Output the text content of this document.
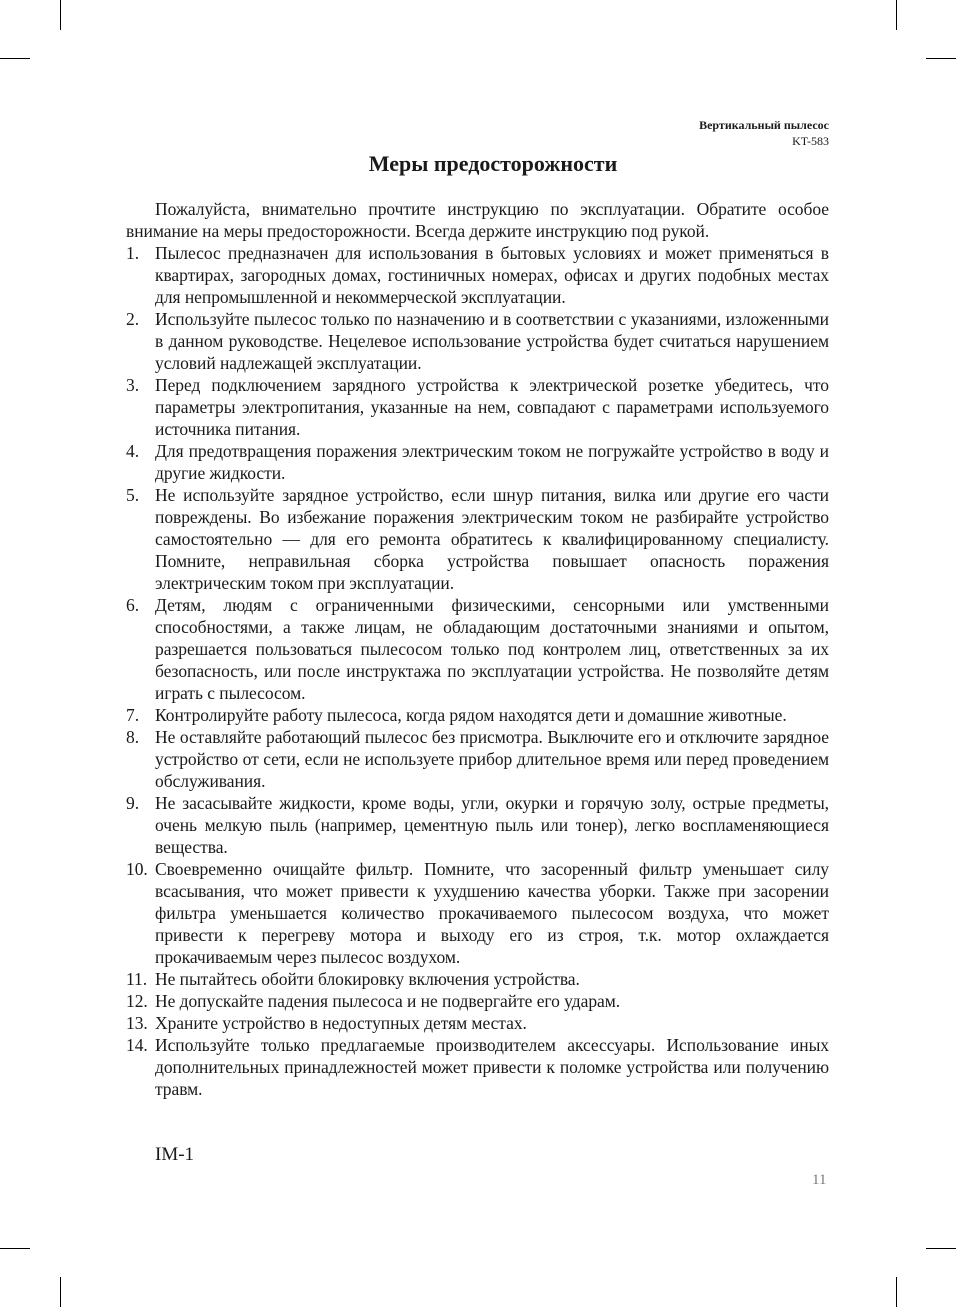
Вертикальный пылесос
KT-583
Меры предосторожности

Пожалуйста, внимательно прочтите инструкцию по эксплуатации. Обратите особое внимание на меры предосторожности. Всегда держите инструкцию под рукой.

1. Пылесос предназначен для использования в бытовых условиях и может применяться в квартирах, загородных домах, гостиничных номерах, офисах и других подобных местах для непромышленной и некоммерческой эксплуатации.
2. Используйте пылесос только по назначению и в соответствии с указаниями, изложенными в данном руководстве. Нецелевое использование устройства будет считаться нарушением условий надлежащей эксплуатации.
3. Перед подключением зарядного устройства к электрической розетке убедитесь, что параметры электропитания, указанные на нем, совпадают с параметрами используемого источника питания.
4. Для предотвращения поражения электрическим током не погружайте устройство в воду и другие жидкости.
5. Не используйте зарядное устройство, если шнур питания, вилка или другие его части повреждены. Во избежание поражения электрическим током не разбирайте устройство самостоятельно — для его ремонта обратитесь к квалифицированному специалисту. Помните, неправильная сборка устройства повышает опасность поражения электрическим током при эксплуатации.
6. Детям, людям с ограниченными физическими, сенсорными или умственными способностями, а также лицам, не обладающим достаточными знаниями и опытом, разрешается пользоваться пылесосом только под контролем лиц, ответственных за их безопасность, или после инструктажа по эксплуатации устройства. Не позволяйте детям играть с пылесосом.
7. Контролируйте работу пылесоса, когда рядом находятся дети и домашние животные.
8. Не оставляйте работающий пылесос без присмотра. Выключите его и отключите зарядное устройство от сети, если не используете прибор длительное время или перед проведением обслуживания.
9. Не засасывайте жидкости, кроме воды, угли, окурки и горячую золу, острые предметы, очень мелкую пыль (например, цементную пыль или тонер), легко воспламеняющиеся вещества.
10. Своевременно очищайте фильтр. Помните, что засоренный фильтр уменьшает силу всасывания, что может привести к ухудшению качества уборки. Также при засорении фильтра уменьшается количество прокачиваемого пылесосом воздуха, что может привести к перегреву мотора и выходу его из строя, т.к. мотор охлаждается прокачиваемым через пылесос воздухом.
11. Не пытайтесь обойти блокировку включения устройства.
12. Не допускайте падения пылесоса и не подвергайте его ударам.
13. Храните устройство в недоступных детям местах.
14. Используйте только предлагаемые производителем аксессуары. Использование иных дополнительных принадлежностей может привести к поломке устройства или получению травм.
IM-1
11
